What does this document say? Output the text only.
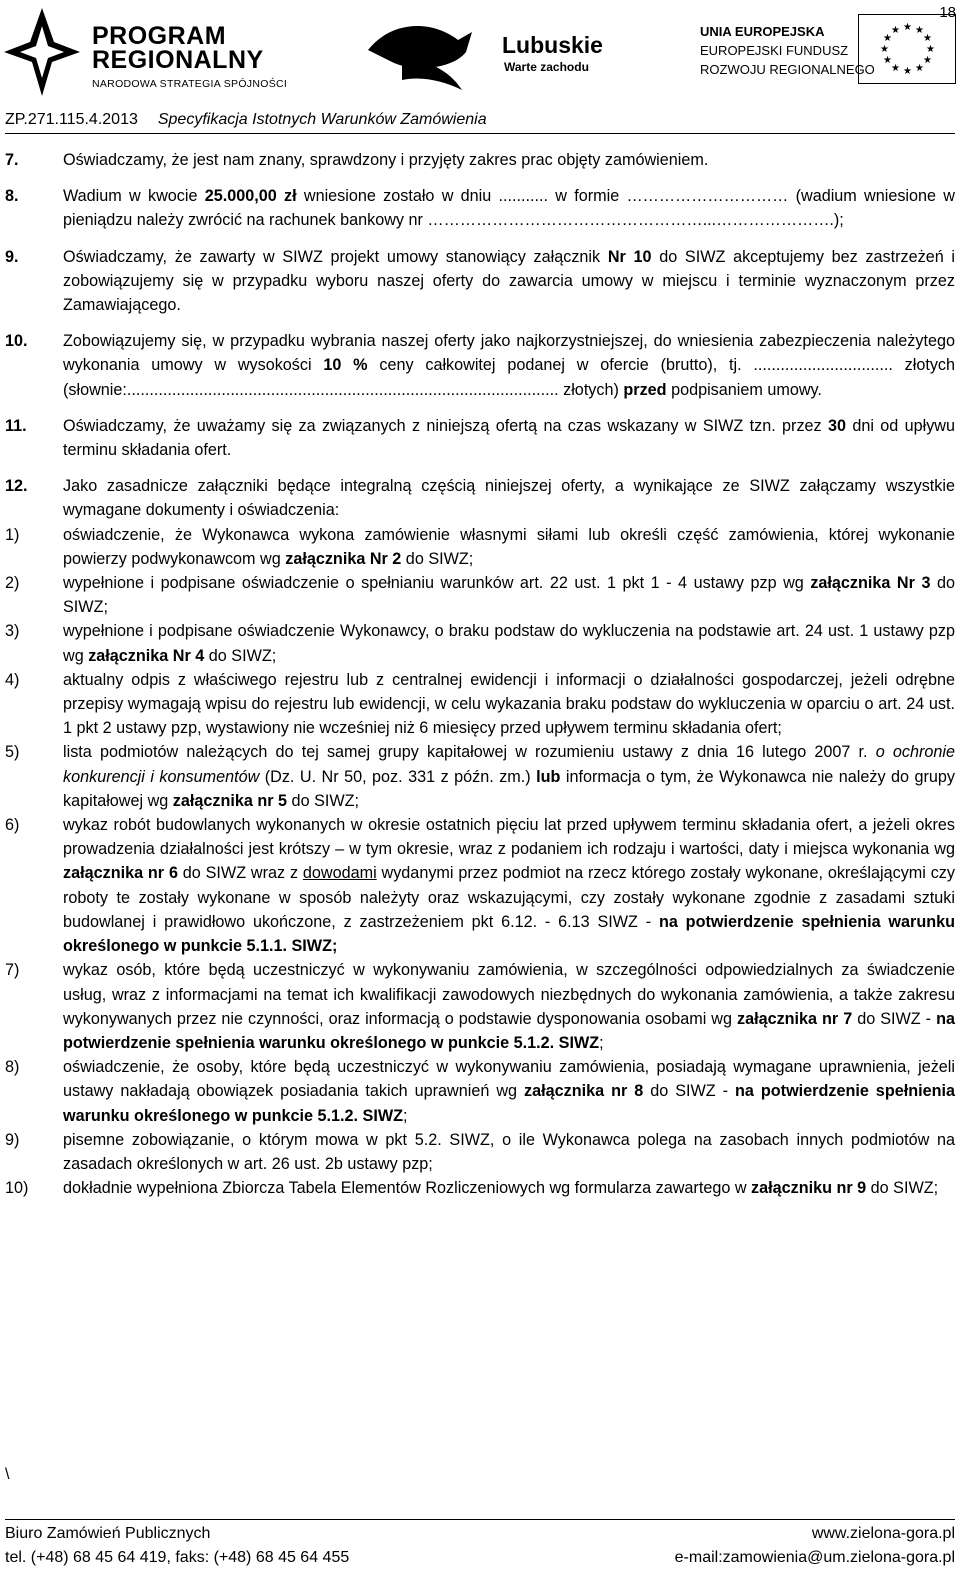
18
PROGRAM
REGIONALNY
NARODOWA STRATEGIA SPÓJNOŚCI
Lubuskie
Warte zachodu
UNIA EUROPEJSKA
EUROPEJSKI FUNDUSZ
ROZWOJU REGIONALNEGO
★ ★
★
★
★
★
★
★
★
★
★
★
ZP.271.115.4.2013 Specyfikacja Istotnych Warunków Zamówienia
7.	Oświadczamy, że jest nam znany, sprawdzony i przyjęty zakres prac objęty zamówieniem.
8.	Wadium w kwocie 25.000,00 zł wniesione zostało w dniu ........... w formie ………………………… (wadium wniesione w pieniądzu należy zwrócić na rachunek bankowy nr ……………………………………………...………………….);
9.	Oświadczamy, że zawarty w SIWZ projekt umowy stanowiący załącznik Nr 10 do SIWZ akceptujemy bez zastrzeżeń i zobowiązujemy się w przypadku wyboru naszej oferty do zawarcia umowy w miejscu i terminie wyznaczonym przez Zamawiającego.
10.	Zobowiązujemy się, w przypadku wybrania naszej oferty jako najkorzystniejszej, do wniesienia zabezpieczenia należytego wykonania umowy w wysokości 10 % ceny całkowitej podanej w ofercie (brutto), tj. ............................... złotych (słownie:................................................................................................ złotych) przed podpisaniem umowy.
11.	Oświadczamy, że uważamy się za związanych z niniejszą ofertą na czas wskazany w SIWZ tzn. przez 30 dni od upływu terminu składania ofert.
12.	Jako zasadnicze załączniki będące integralną częścią niniejszej oferty, a wynikające ze SIWZ załączamy wszystkie wymagane dokumenty i oświadczenia:
1)	oświadczenie, że Wykonawca wykona zamówienie własnymi siłami lub określi część zamówienia, której wykonanie powierzy podwykonawcom wg załącznika Nr 2 do SIWZ;
2)	wypełnione i podpisane oświadczenie o spełnianiu warunków art. 22 ust. 1 pkt 1 - 4 ustawy pzp wg załącznika Nr 3 do SIWZ;
3)	wypełnione i podpisane oświadczenie Wykonawcy, o braku podstaw do wykluczenia na podstawie art. 24 ust. 1 ustawy pzp wg załącznika Nr 4 do SIWZ;
4)	aktualny odpis z właściwego rejestru lub z centralnej ewidencji i informacji o działalności gospodarczej, jeżeli odrębne przepisy wymagają wpisu do rejestru lub ewidencji, w celu wykazania braku podstaw do wykluczenia w oparciu o art. 24 ust. 1 pkt 2 ustawy pzp, wystawiony nie wcześniej niż 6 miesięcy przed upływem terminu składania ofert;
5)	lista podmiotów należących do tej samej grupy kapitałowej w rozumieniu ustawy z dnia 16 lutego 2007 r. o ochronie konkurencji i konsumentów (Dz. U. Nr 50, poz. 331 z późn. zm.) lub informacja o tym, że Wykonawca nie należy do grupy kapitałowej wg załącznika nr 5 do SIWZ;
6)	wykaz robót budowlanych wykonanych w okresie ostatnich pięciu lat przed upływem terminu składania ofert, a jeżeli okres prowadzenia działalności jest krótszy – w tym okresie, wraz z podaniem ich rodzaju i wartości, daty i miejsca wykonania wg załącznika nr 6 do SIWZ wraz z dowodami wydanymi przez podmiot na rzecz którego zostały wykonane, określającymi czy roboty te zostały wykonane w sposób należyty oraz wskazującymi, czy zostały wykonane zgodnie z zasadami sztuki budowlanej i prawidłowo ukończone, z zastrzeżeniem pkt 6.12. - 6.13 SIWZ - na potwierdzenie spełnienia warunku określonego w punkcie 5.1.1. SIWZ;
7)	wykaz osób, które będą uczestniczyć w wykonywaniu zamówienia, w szczególności odpowiedzialnych za świadczenie usług, wraz z informacjami na temat ich kwalifikacji zawodowych niezbędnych do wykonania zamówienia, a także zakresu wykonywanych przez nie czynności, oraz informacją o podstawie dysponowania osobami wg załącznika nr 7 do SIWZ - na potwierdzenie spełnienia warunku określonego w punkcie 5.1.2. SIWZ;
8)	oświadczenie, że osoby, które będą uczestniczyć w wykonywaniu zamówienia, posiadają wymagane uprawnienia, jeżeli ustawy nakładają obowiązek posiadania takich uprawnień wg załącznika nr 8 do SIWZ - na potwierdzenie spełnienia warunku określonego w punkcie 5.1.2. SIWZ;
9)	pisemne zobowiązanie, o którym mowa w pkt 5.2. SIWZ, o ile Wykonawca polega na zasobach innych podmiotów na zasadach określonych w art. 26 ust. 2b ustawy pzp;
10)	dokładnie wypełniona Zbiorcza Tabela Elementów Rozliczeniowych wg formularza zawartego w załączniku nr 9 do SIWZ;
\
Biuro Zamówień Publicznych	www.zielona-gora.pl
tel. (+48) 68 45 64 419, faks: (+48) 68 45 64 455	e-mail:zamowienia@um.zielona-gora.pl
